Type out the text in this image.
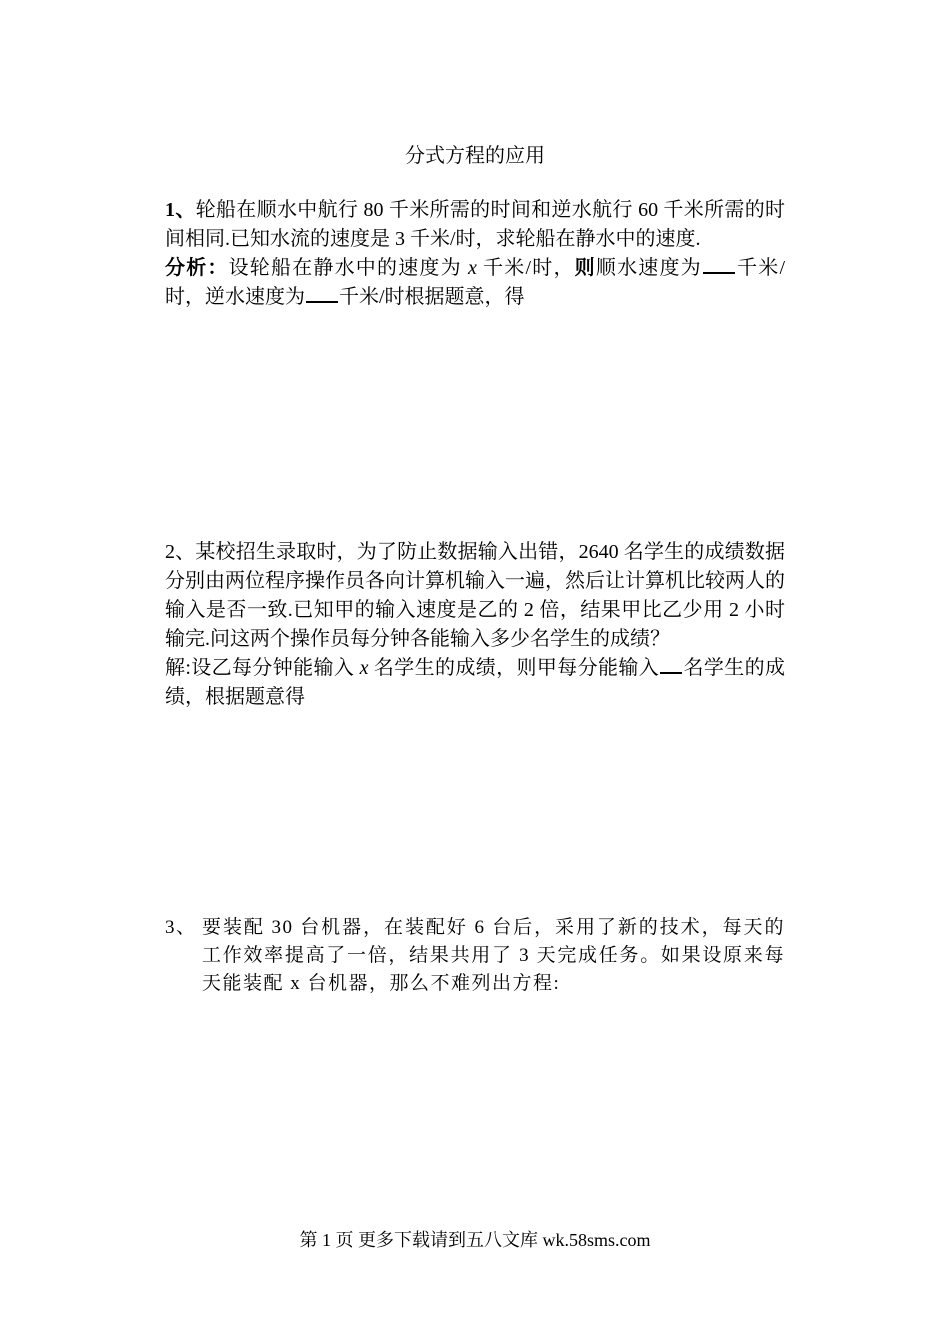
分式方程的应用

1、轮船在顺水中航行 80 千米所需的时间和逆水航行 60 千米所需的时间相同.已知水流的速度是 3 千米/时，求轮船在静水中的速度.

分析：设轮船在静水中的速度为 x 千米/时，则顺水速度为 千米/时，逆水速度为 千米/时根据题意，得

2、某校招生录取时，为了防止数据输入出错，2640 名学生的成绩数据分别由两位程序操作员各向计算机输入一遍，然后让计算机比较两人的输入是否一致.已知甲的输入速度是乙的 2 倍，结果甲比乙少用 2 小时输完.问这两个操作员每分钟各能输入多少名学生的成绩？

解:设乙每分钟能输入 x 名学生的成绩，则甲每分能输入 名学生的成绩，根据题意得

3、 要装配 30 台机器，在装配好 6 台后，采用了新的技术，每天的工作效率提高了一倍，结果共用了 3 天完成任务。如果设原来每天能装配 x 台机器，那么不难列出方程:
第 1 页 更多下载请到五八文库 wk.58sms.com
